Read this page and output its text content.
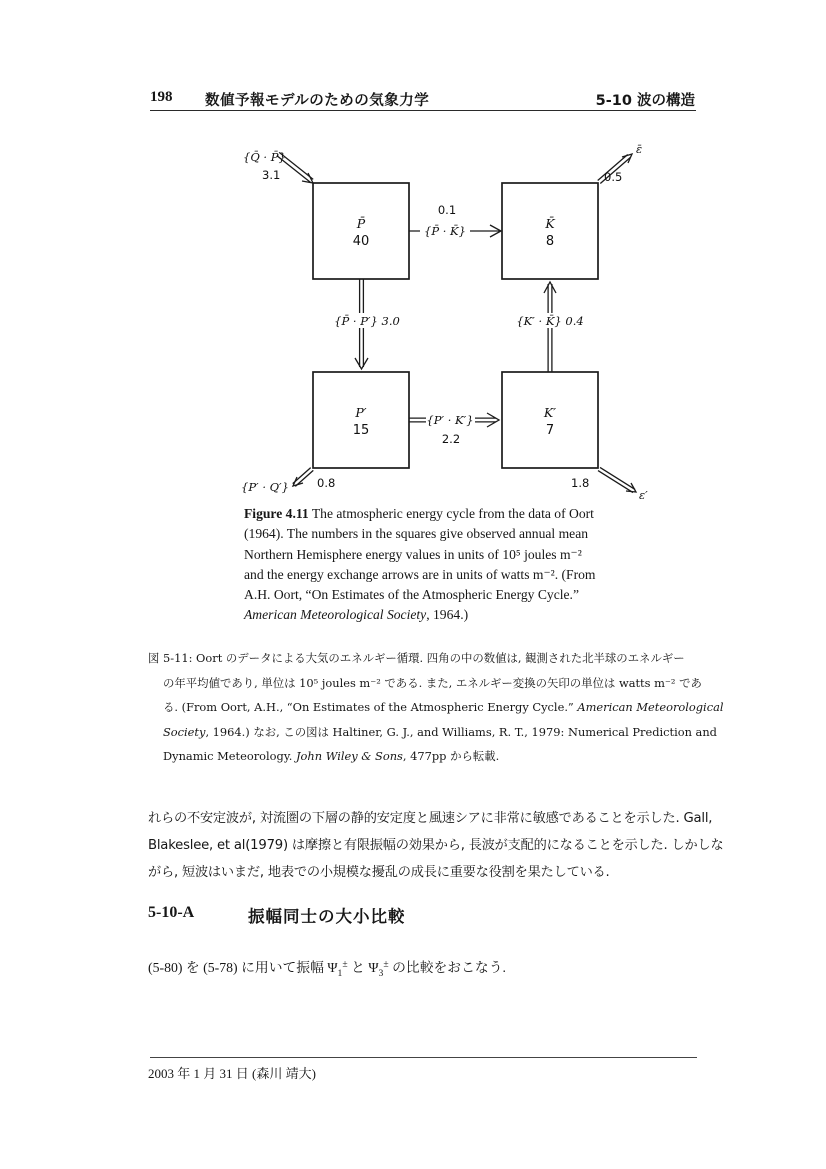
198 数値予報モデルのための気象力学	5-10 波の構造
P̄
40
K̄
8
P′
15
K′
7
{Q̄ · P̄}
3.1
ε̄
0.5
0.1
{P̄ · K̄}
{P̄ · P′} 3.0	{K′ · K̄} 0.4
{P′ · K′}
2.2
{P′ · Q′} 0.8	1.8
ε′
Figure 4.11 The atmospheric energy cycle from the data of Oort
(1964). The numbers in the squares give observed annual mean
Northern Hemisphere energy values in units of 10⁵ joules m⁻²
and the energy exchange arrows are in units of watts m⁻². (From
A.H. Oort, “On Estimates of the Atmospheric Energy Cycle.”
American Meteorological Society, 1964.)
図 5-11: Oort のデータによる大気のエネルギー循環. 四角の中の数値は, 観測された北半球のエネルギー
の年平均値であり, 単位は 10⁵ joules m⁻² である. また, エネルギー変換の矢印の単位は watts m⁻² であ
る. (From Oort, A.H., “On Estimates of the Atmospheric Energy Cycle.” American Meteorological
Society, 1964.) なお, この図は Haltiner, G. J., and Williams, R. T., 1979: Numerical Prediction and
Dynamic Meteorology. John Wiley & Sons, 477pp から転載.
れらの不安定波が, 対流圏の下層の静的安定度と風速シアに非常に敏感であることを示した. Gall,
Blakeslee, et al(1979) は摩擦と有限振幅の効果から, 長波が支配的になることを示した. しかしな
がら, 短波はいまだ, 地表での小規模な擾乱の成長に重要な役割を果たしている.
5-10-A	振幅同士の大小比較
(5-80) を (5-78) に用いて振幅 $\Psi_1^\pm$ と $\Psi_3^\pm$ の比較をおこなう.
2003 年 1 月 31 日 (森川 靖大)
